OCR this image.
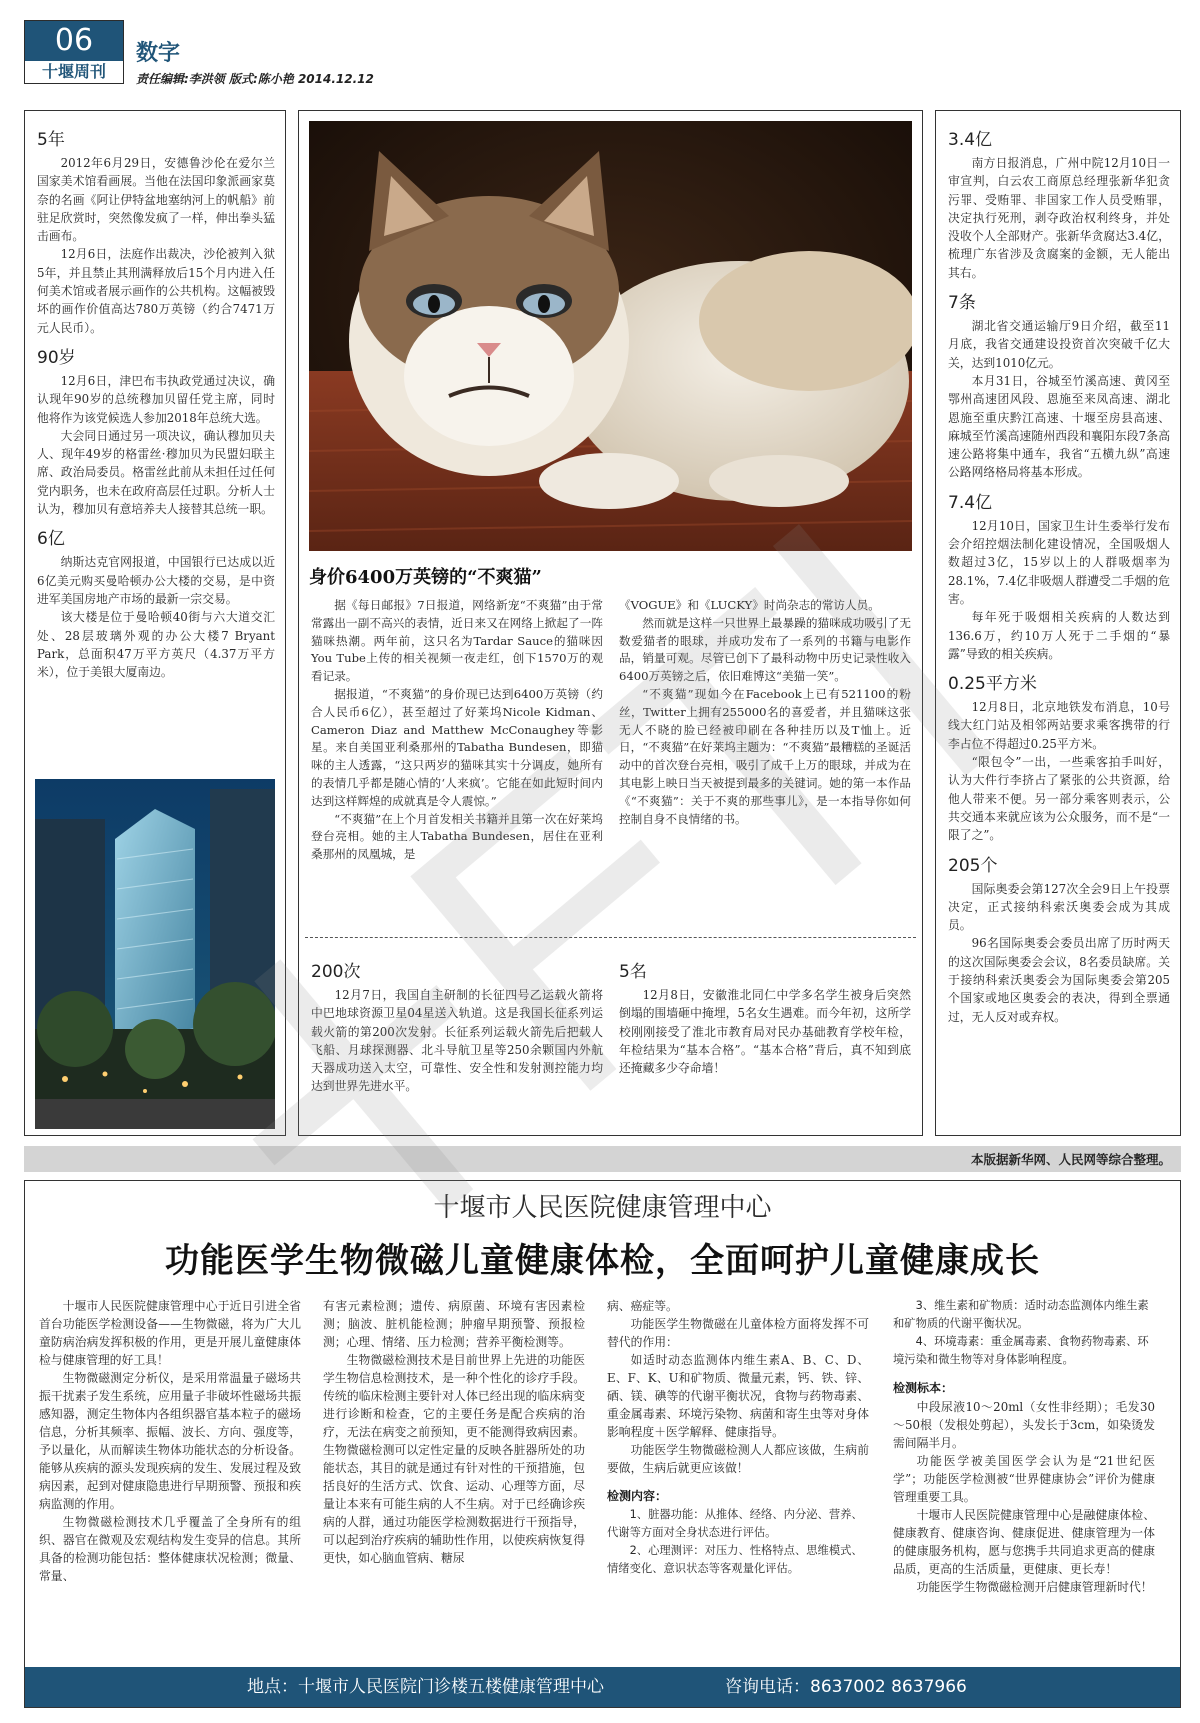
06
十堰周刊
数字
责任编辑:李洪领 版式:陈小艳 2014.12.12
5年

2012年6月29日，安德鲁沙伦在爱尔兰国家美术馆看画展。当他在法国印象派画家莫奈的名画《阿让伊特盆地塞纳河上的帆船》前驻足欣赏时，突然像发疯了一样，伸出拳头猛击画布。

12月6日，法庭作出裁决，沙伦被判入狱5年，并且禁止其刑满释放后15个月内进入任何美术馆或者展示画作的公共机构。这幅被毁坏的画作价值高达780万英镑（约合7471万元人民币）。

90岁

12月6日，津巴布韦执政党通过决议，确认现年90岁的总统穆加贝留任党主席，同时他将作为该党候选人参加2018年总统大选。

大会同日通过另一项决议，确认穆加贝夫人、现年49岁的格雷丝·穆加贝为民盟妇联主席、政治局委员。格雷丝此前从未担任过任何党内职务，也未在政府高层任过职。分析人士认为，穆加贝有意培养夫人接替其总统一职。

6亿

纳斯达克官网报道，中国银行已达成以近6亿美元购买曼哈顿办公大楼的交易，是中资进军美国房地产市场的最新一宗交易。

该大楼是位于曼哈顿40街与六大道交汇处、28层玻璃外观的办公大楼7 Bryant Park，总面积47万平方英尺（4.37万平方米），位于美银大厦南边。

身价6400万英镑的“不爽猫”

据《每日邮报》7日报道，网络新宠“不爽猫”由于常常露出一副不高兴的表情，近日来又在网络上掀起了一阵猫咪热潮。两年前，这只名为Tardar Sauce的猫咪因You Tube上传的相关视频一夜走红，创下1570万的观看记录。

据报道，“不爽猫”的身价现已达到6400万英镑（约合人民币6亿），甚至超过了好莱坞Nicole Kidman、Cameron Diaz and Matthew McConaughey等影星。来自美国亚利桑那州的Tabatha Bundesen，即猫咪的主人透露，“这只两岁的猫咪其实十分调皮，她所有的表情几乎都是随心情的‘人来疯’。它能在如此短时间内达到这样辉煌的成就真是令人震惊。”

“不爽猫”在上个月首发相关书籍并且第一次在好莱坞登台亮相。她的主人Tabatha Bundesen，居住在亚利桑那州的凤凰城，是

《VOGUE》和《LUCKY》时尚杂志的常访人员。

然而就是这样一只世界上最暴躁的猫咪成功吸引了无数爱猫者的眼球，并成功发布了一系列的书籍与电影作品，销量可观。尽管已创下了最科动物中历史记录性收入6400万英镑之后，依旧难博这“美猫一笑”。

“不爽猫”现如今在Facebook上已有521100的粉丝，Twitter上拥有255000名的喜爱者，并且猫咪这张无人不晓的脸已经被印刷在各种挂历以及T恤上。近日，“不爽猫”在好莱坞主题为：“不爽猫”最糟糕的圣诞活动中的首次登台亮相，吸引了成千上万的眼球，并成为在其电影上映日当天被提到最多的关键词。她的第一本作品《“不爽猫”：关于不爽的那些事儿》，是一本指导你如何控制自身不良情绪的书。

200次

12月7日，我国自主研制的长征四号乙运载火箭将中巴地球资源卫星04星送入轨道。这是我国长征系列运载火箭的第200次发射。长征系列运载火箭先后把载人飞船、月球探测器、北斗导航卫星等250余颗国内外航天器成功送入太空，可靠性、安全性和发射测控能力均达到世界先进水平。

5名

12月8日，安徽淮北同仁中学多名学生被身后突然倒塌的围墙砸中掩埋，5名女生遇难。而今年初，这所学校刚刚接受了淮北市教育局对民办基础教育学校年检，年检结果为“基本合格”。“基本合格”背后，真不知到底还掩藏多少夺命墙！

3.4亿

南方日报消息，广州中院12月10日一审宣判，白云农工商原总经理张新华犯贪污罪、受贿罪、非国家工作人员受贿罪，决定执行死刑，剥夺政治权利终身，并处没收个人全部财产。张新华贪腐达3.4亿，梳理广东省涉及贪腐案的金额，无人能出其右。

7条

湖北省交通运输厅9日介绍，截至11月底，我省交通建设投资首次突破千亿大关，达到1010亿元。

本月31日，谷城至竹溪高速、黄冈至鄂州高速团风段、恩施至来凤高速、湖北恩施至重庆黔江高速、十堰至房县高速、麻城至竹溪高速随州西段和襄阳东段7条高速公路将集中通车，我省“五横九纵”高速公路网络格局将基本形成。

7.4亿

12月10日，国家卫生计生委举行发布会介绍控烟法制化建设情况，全国吸烟人数超过3亿，15岁以上的人群吸烟率为28.1%，7.4亿非吸烟人群遭受二手烟的危害。

每年死于吸烟相关疾病的人数达到136.6万，约10万人死于二手烟的“暴露”导致的相关疾病。

0.25平方米

12月8日，北京地铁发布消息，10号线大红门站及相邻两站要求乘客携带的行李占位不得超过0.25平方米。

“限包令”一出，一些乘客拍手叫好，认为大件行李挤占了紧张的公共资源，给他人带来不便。另一部分乘客则表示，公共交通本来就应该为公众服务，而不是“一限了之”。

205个

国际奥委会第127次全会9日上午投票决定，正式接纳科索沃奥委会成为其成员。

96名国际奥委会委员出席了历时两天的这次国际奥委会会议，8名委员缺席。关于接纳科索沃奥委会为国际奥委会第205个国家或地区奥委会的表决，得到全票通过，无人反对或弃权。

本版据新华网、人民网等综合整理。
十堰市人民医院健康管理中心
功能医学生物微磁儿童健康体检，全面呵护儿童健康成长

十堰市人民医院健康管理中心于近日引进全省首台功能医学检测设备——生物微磁，将为广大儿童防病治病发挥积极的作用，更是开展儿童健康体检与健康管理的好工具！

生物微磁测定分析仪，是采用常温量子磁场共振干扰素子发生系统，应用量子非破坏性磁场共振感知器，测定生物体内各组织器官基本粒子的磁场信息，分析其频率、振幅、波长、方向、强度等，予以量化，从而解读生物体功能状态的分析设备。能够从疾病的源头发现疾病的发生、发展过程及致病因素，起到对健康隐患进行早期预警、预报和疾病监测的作用。

生物微磁检测技术几乎覆盖了全身所有的组织、器官在微观及宏观结构发生变异的信息。其所具备的检测功能包括：整体健康状况检测；微量、常量、

有害元素检测；遗传、病原菌、环境有害因素检测；脑波、脏机能检测；肿瘤早期预警、预报检测；心理、情绪、压力检测；营养平衡检测等。

生物微磁检测技术是目前世界上先进的功能医学生物信息检测技术，是一种个性化的诊疗手段。传统的临床检测主要针对人体已经出现的临床病变进行诊断和检查，它的主要任务是配合疾病的治疗，无法在病变之前预知，更不能测得致病因素。生物微磁检测可以定性定量的反映各脏器所处的功能状态，其目的就是通过有针对性的干预措施，包括良好的生活方式、饮食、运动、心理等方面，尽量让本来有可能生病的人不生病。对于已经确诊疾病的人群，通过功能医学检测数据进行干预指导，可以起到治疗疾病的辅助性作用，以使疾病恢复得更快，如心脑血管病、糖尿

病、癌症等。

功能医学生物微磁在儿童体检方面将发挥不可替代的作用：

如适时动态监测体内维生素A、B、C、D、E、F、K、U和矿物质、微量元素，钙、铁、锌、硒、镁、碘等的代谢平衡状况，食物与药物毒素、重金属毒素、环境污染物、病菌和寄生虫等对身体影响程度＋医学解释、健康指导。

功能医学生物微磁检测人人都应该做，生病前要做，生病后就更应该做！

检测内容：

1、脏器功能：从推体、经络、内分泌、营养、代谢等方面对全身状态进行评估。

2、心理测评：对压力、性格特点、思维模式、情绪变化、意识状态等客观量化评估。

3、维生素和矿物质：适时动态监测体内维生素和矿物质的代谢平衡状况。

4、环境毒素：重金属毒素、食物药物毒素、环境污染和微生物等对身体影响程度。

检测标本：

中段尿液10～20ml（女性非经期）；毛发30～50根（发根处剪起），头发长于3cm，如染烫发需间隔半月。

功能医学被美国医学会认为是“21世纪医学”；功能医学检测被“世界健康协会”评价为健康管理重要工具。

十堰市人民医院健康管理中心是融健康体检、健康教育、健康咨询、健康促进、健康管理为一体的健康服务机构，愿与您携手共同追求更高的健康品质，更高的生活质量，更健康、更长寿！

功能医学生物微磁检测开启健康管理新时代！

地点：十堰市人民医院门诊楼五楼健康管理中心	咨询电话：8637002 8637966
